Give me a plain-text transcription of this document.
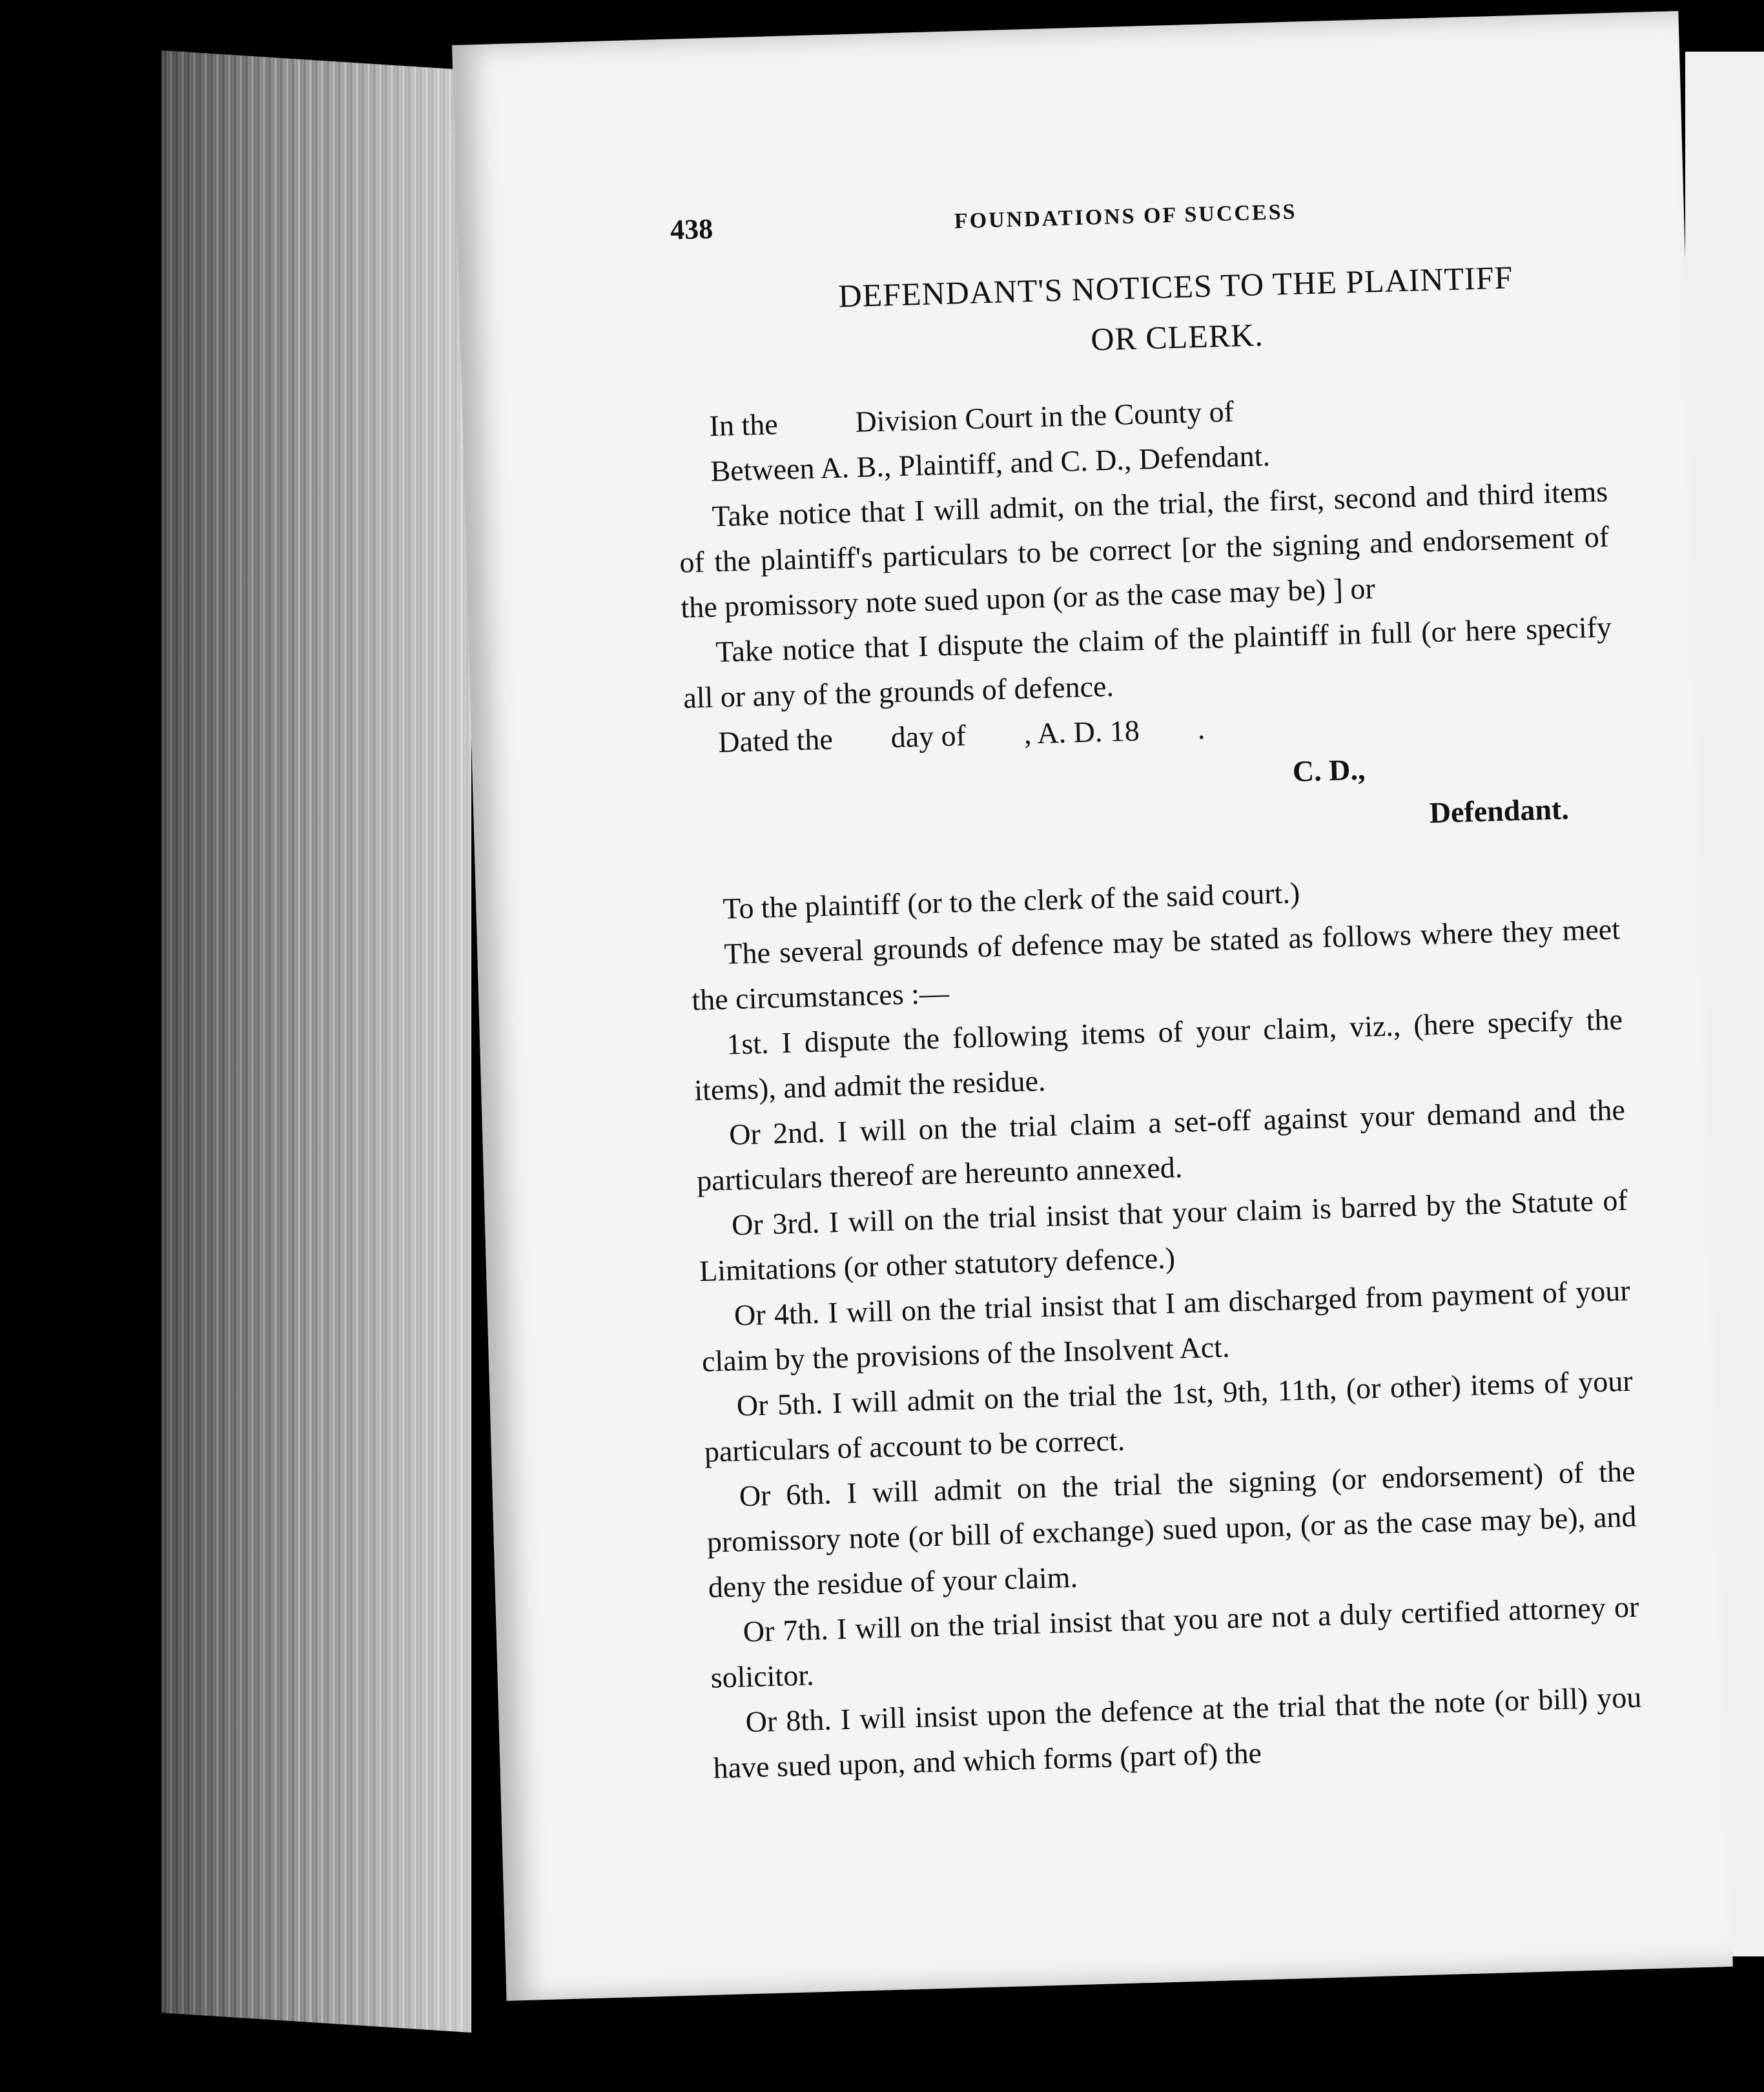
438	FOUNDATIONS OF SUCCESS
DEFENDANT'S NOTICES TO THE PLAINTIFF
OR CLERK.

In the	Division Court in the County of

Between A. B., Plaintiff, and C. D., Defendant.

Take notice that I will admit, on the trial, the first, second and third items of the plaintiff's particulars to be correct [or the signing and endorsement of the promissory note sued upon (or as the case may be) ] or

Take notice that I dispute the claim of the plaintiff in full (or here specify all or any of the grounds of defence.

Dated the day of , A. D. 18 .

C. D.,

Defendant.

To the plaintiff (or to the clerk of the said court.)

The several grounds of defence may be stated as follows where they meet the circumstances :—

1st. I dispute the following items of your claim, viz., (here specify the items), and admit the residue.

Or 2nd. I will on the trial claim a set-off against your demand and the particulars thereof are hereunto annexed.

Or 3rd. I will on the trial insist that your claim is barred by the Statute of Limitations (or other statutory defence.)

Or 4th. I will on the trial insist that I am discharged from payment of your claim by the provisions of the Insolvent Act.

Or 5th. I will admit on the trial the 1st, 9th, 11th, (or other) items of your particulars of account to be correct.

Or 6th. I will admit on the trial the signing (or endorsement) of the promissory note (or bill of exchange) sued upon, (or as the case may be), and deny the residue of your claim.

Or 7th. I will on the trial insist that you are not a duly certified attorney or solicitor.

Or 8th. I will insist upon the defence at the trial that the note (or bill) you have sued upon, and which forms (part of) the
